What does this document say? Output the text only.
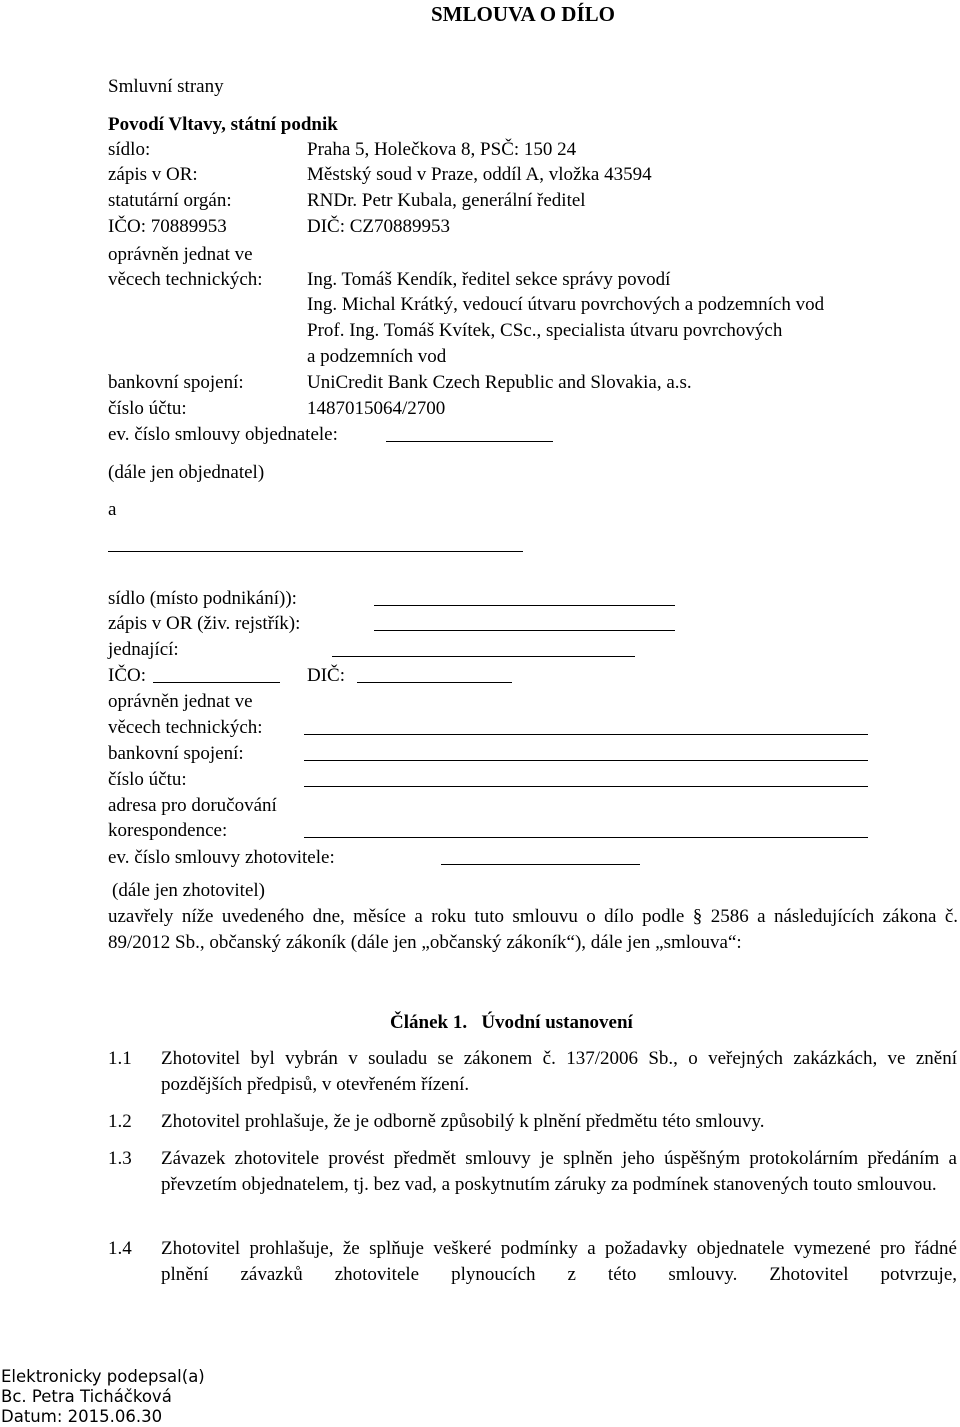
SMLOUVA O DÍLO
Smluvní strany
Povodí Vltavy, státní podnik
sídlo:	Praha 5, Holečkova 8, PSČ: 150 24
zápis v OR:	Městský soud v Praze, oddíl A, vložka 43594
statutární orgán:	RNDr. Petr Kubala, generální ředitel
IČO: 70889953	DIČ: CZ70889953
oprávněn jednat ve
věcech technických: Ing. Tomáš Kendík, ředitel sekce správy povodí
Ing. Michal Krátký, vedoucí útvaru povrchových a podzemních vod
Prof. Ing. Tomáš Kvítek, CSc., specialista útvaru povrchových
a podzemních vod
bankovní spojení:	UniCredit Bank Czech Republic and Slovakia, a.s.
číslo účtu:	1487015064/2700
ev. číslo smlouvy objednatele:
(dále jen objednatel)
a
sídlo (místo podnikání)):
zápis v OR (živ. rejstřík):
jednající:
IČO:	DIČ:
oprávněn jednat ve
věcech technických:
bankovní spojení:
číslo účtu:
adresa pro doručování
korespondence:
ev. číslo smlouvy zhotovitele:
(dále jen zhotovitel)
uzavřely níže uvedeného dne, měsíce a roku tuto smlouvu o dílo podle § 2586 a následujících zákona č. 89/2012 Sb., občanský zákoník (dále jen „občanský zákoník“), dále jen „smlouva“:
Článek 1.   Úvodní ustanovení
1.1 Zhotovitel byl vybrán v souladu se zákonem č. 137/2006 Sb., o veřejných zakázkách, ve znění pozdějších předpisů, v otevřeném řízení.
1.2 Zhotovitel prohlašuje, že je odborně způsobilý k plnění předmětu této smlouvy.
1.3 Závazek zhotovitele provést předmět smlouvy je splněn jeho úspěšným protokolárním předáním a převzetím objednatelem, tj. bez vad, a poskytnutím záruky za podmínek stanovených touto smlouvou.
1.4 Zhotovitel prohlašuje, že splňuje veškeré podmínky a požadavky objednatele vymezené pro řádné plnění závazků zhotovitele plynoucích z této smlouvy. Zhotovitel potvrzuje,
Elektronicky podepsal(a)
Bc. Petra Ticháčková
Datum: 2015.06.30
